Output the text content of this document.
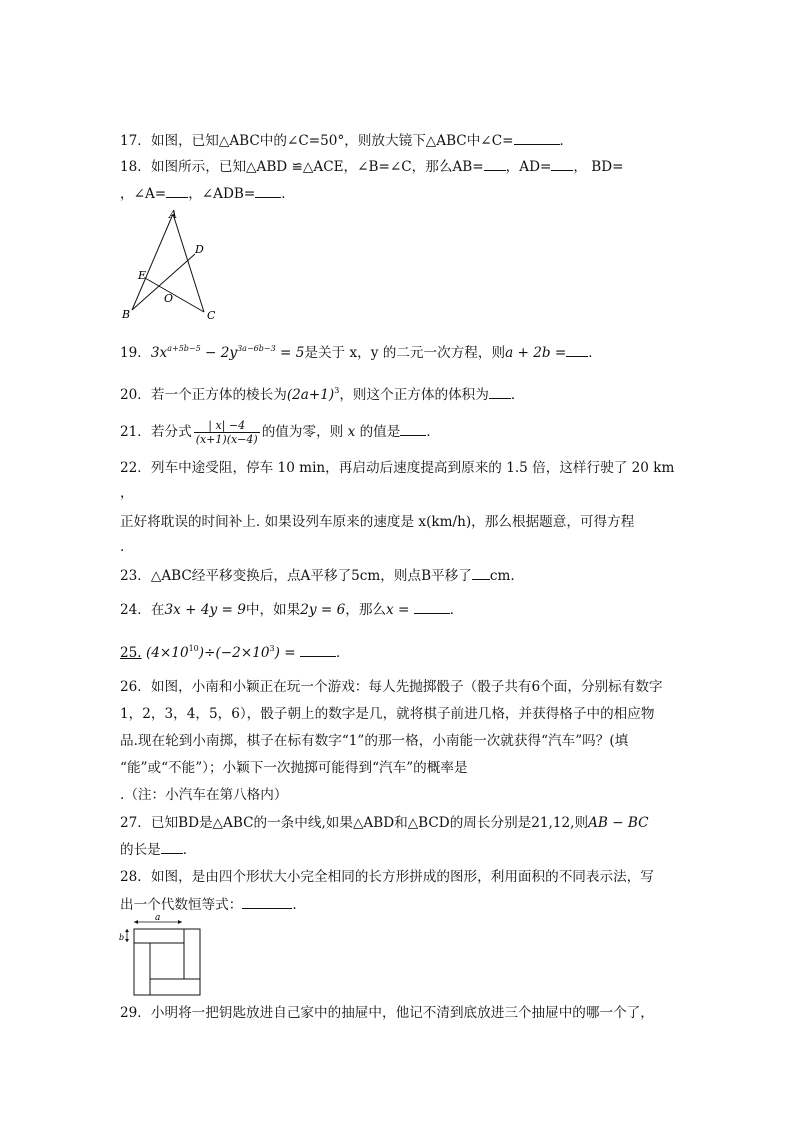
17．如图，已知△ABC中的∠C=50°，则放大镜下△ABC中∠C=	．
18．如图所示，已知△ABD ≌△ACE，∠B=∠C，那么AB= ，AD= ， BD=
，∠A= ，∠ADB= ．
A
B	C
D
E
O
19．$3x^{a+5b-5} - 2y^{3a-6b-3} = 5$是关于 x，y 的二元一次方程，则a + 2b = ．
20．若一个正方体的棱长为$(2a+1)^3$，则这个正方体的体积为 ．
21．若分式 $\frac{| x| -4}{(x+1)(x-4)}$ 的值为零，则 x 的值是 ．
22．列车中途受阻，停车 10 min，再启动后速度提高到原来的 1.5 倍，这样行驶了 20 km
，
正好将耽误的时间补上. 如果设列车原来的速度是 x(km/h)，那么根据题意，可得方程
.
23．△ABC经平移变换后，点A平移了5cm，则点B平移了 cm.
24．在3x + 4y = 9中，如果2y = 6，那么x =	．
25. $(4\times 10^{10})\div(-2\times 10^3)$ =	．
26．如图，小南和小颖正在玩一个游戏：每人先抛掷骰子（骰子共有6个面，分别标有数字
1，2，3，4，5，6），骰子朝上的数字是几，就将棋子前进几格，并获得格子中的相应物
品.现在轮到小南掷，棋子在标有数字“1”的那一格，小南能一次就获得“汽车”吗？(填
“能”或“不能”）；小颖下一次抛掷可能得到“汽车”的概率是
.（注：小汽车在第八格内）
27．已知BD是△ABC的一条中线,如果△ABD和△BCD的周长分别是21,12,则AB − BC
的长是 ．
28．如图，是由四个形状大小完全相同的长方形拼成的图形，利用面积的不同表示法，写
出一个代数恒等式：	.
a
b
29．小明将一把钥匙放进自己家中的抽屉中，他记不清到底放进三个抽屉中的哪一个了，
